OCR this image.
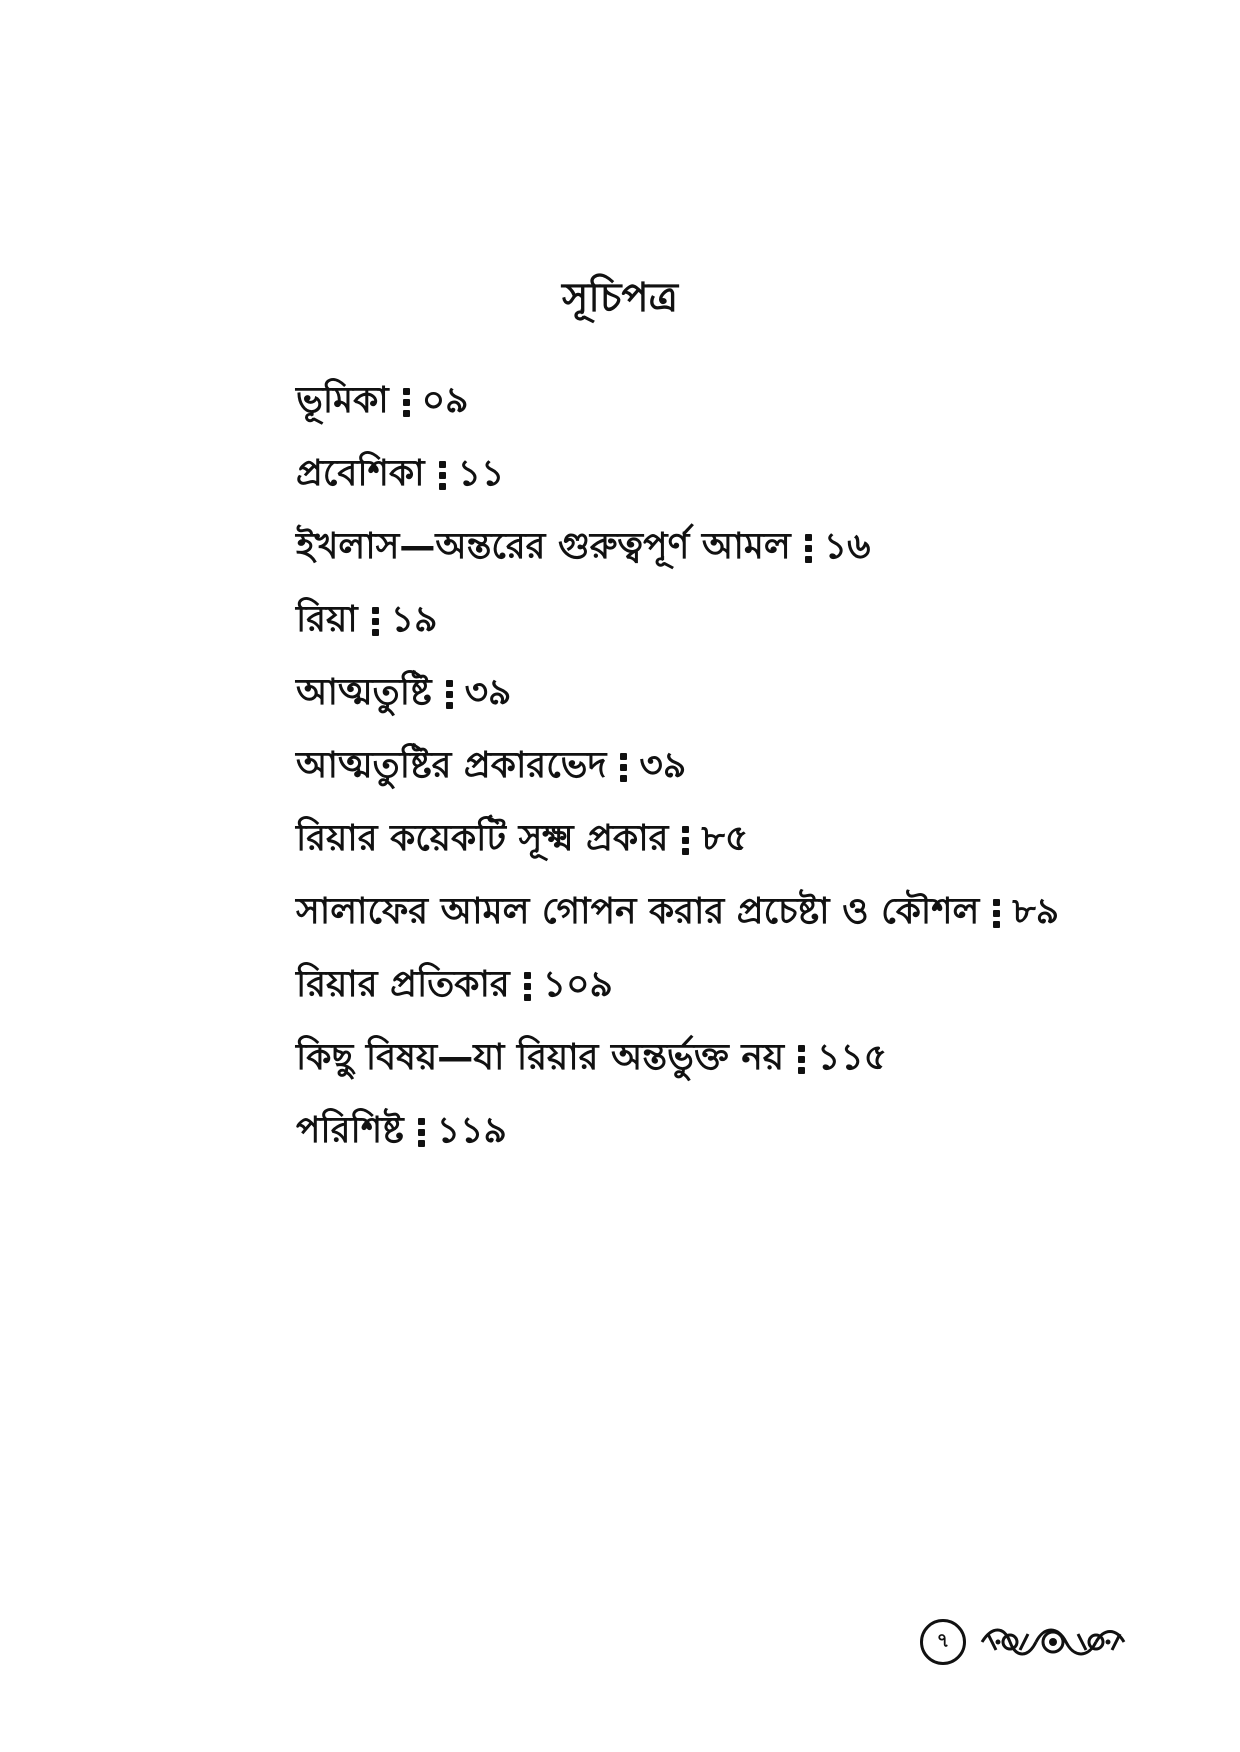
সূচিপত্র
ভূমিকা ০৯
প্রবেশিকা ১১
ইখলাস—অন্তরের গুরুত্বপূর্ণ আমল ১৬
রিয়া ১৯
আত্মতুষ্টি ৩৯
আত্মতুষ্টির প্রকারভেদ ৩৯
রিয়ার কয়েকটি সূক্ষ্ম প্রকার ৮৫
সালাফের আমল গোপন করার প্রচেষ্টা ও কৌশল ৮৯
রিয়ার প্রতিকার ১০৯
কিছু বিষয়—যা রিয়ার অন্তর্ভুক্ত নয় ১১৫
পরিশিষ্ট ১১৯
৭
